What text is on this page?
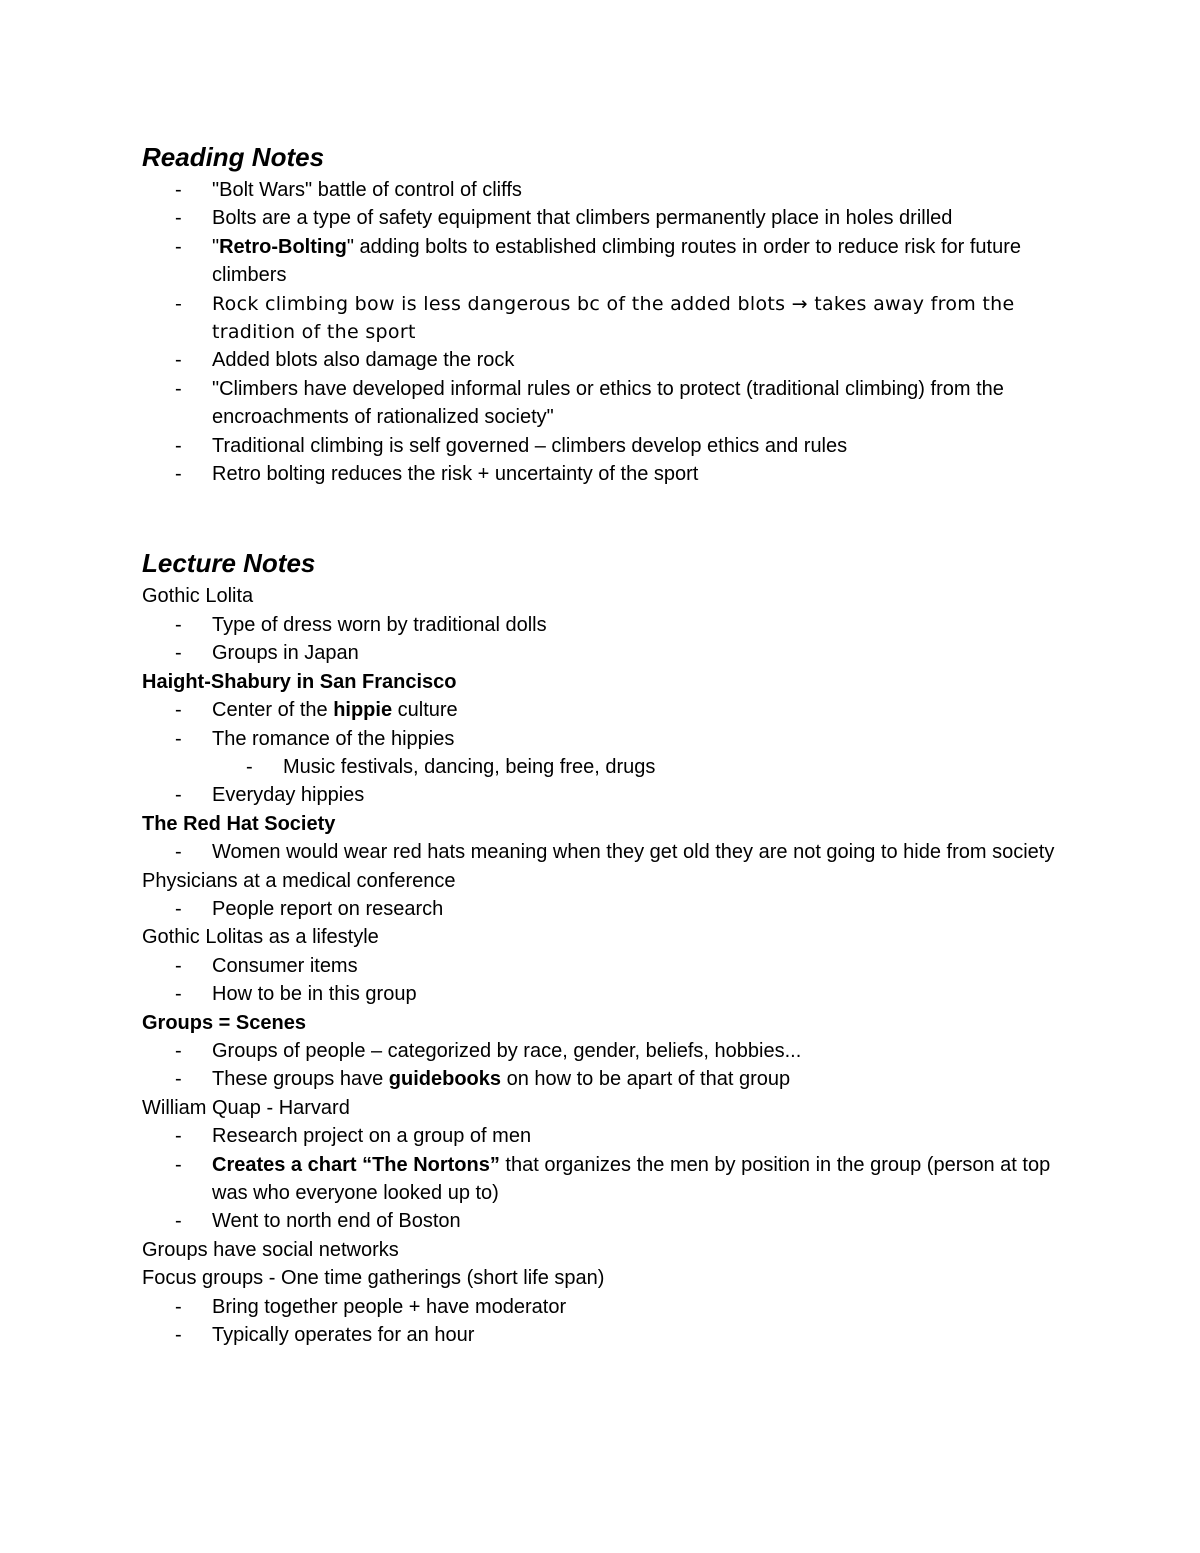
Reading Notes
- "Bolt Wars" battle of control of cliffs
- Bolts are a type of safety equipment that climbers permanently place in holes drilled
- "Retro-Bolting" adding bolts to established climbing routes in order to reduce risk for future climbers
- Rock climbing bow is less dangerous bc of the added blots → takes away from the tradition of the sport
- Added blots also damage the rock
- "Climbers have developed informal rules or ethics to protect (traditional climbing) from the encroachments of rationalized society"
- Traditional climbing is self governed – climbers develop ethics and rules
- Retro bolting reduces the risk + uncertainty of the sport
Lecture Notes
Gothic Lolita
- Type of dress worn by traditional dolls
- Groups in Japan
Haight-Shabury in San Francisco
- Center of the hippie culture
- The romance of the hippies
- Music festivals, dancing, being free, drugs
- Everyday hippies
The Red Hat Society
- Women would wear red hats meaning when they get old they are not going to hide from society
Physicians at a medical conference
- People report on research
Gothic Lolitas as a lifestyle
- Consumer items
- How to be in this group
Groups = Scenes
- Groups of people – categorized by race, gender, beliefs, hobbies...
- These groups have guidebooks on how to be apart of that group
William Quap - Harvard
- Research project on a group of men
- Creates a chart “The Nortons” that organizes the men by position in the group (person at top was who everyone looked up to)
- Went to north end of Boston
Groups have social networks
Focus groups - One time gatherings (short life span)
- Bring together people + have moderator
- Typically operates for an hour
